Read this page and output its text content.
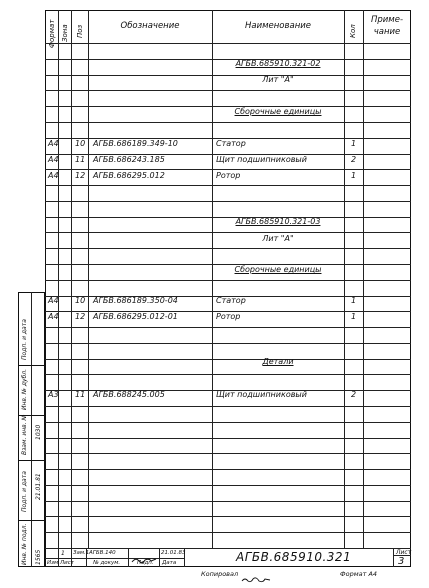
Подп. и дата
Инв. № дубл.
Взам. инв. № 1030
Подп. и дата 21.01.81
Инв. № подл. 1565
Формат Зона Поз	Обозначение	Наименование	Кол
Приме-
чание
АГБВ.685910.321-02
Лит "А"
Сборочные единицы
А4 10 АГБВ.686189.349-10	Статор	1
А4 11 АГБВ.686243.185	Щит подшипниковый	2
А4 12 АГБВ.686295.012	Ротор	1
АГБВ.685910.321-03
Лит "А"
Сборочные единицы
А4 10 АГБВ.686189.350-04	Статор	1
А4 12 АГБВ.686295.012-01	Ротор	1
Детали
А3 11 АГБВ.688245.005	Щит подшипниковый	2
1 Зам.1 АГБВ.140	21.01.83
Изм Лист	№ докум.	Подп. Дата	АГБВ.685910.321	Лист
3
Копировал	Формат А4
